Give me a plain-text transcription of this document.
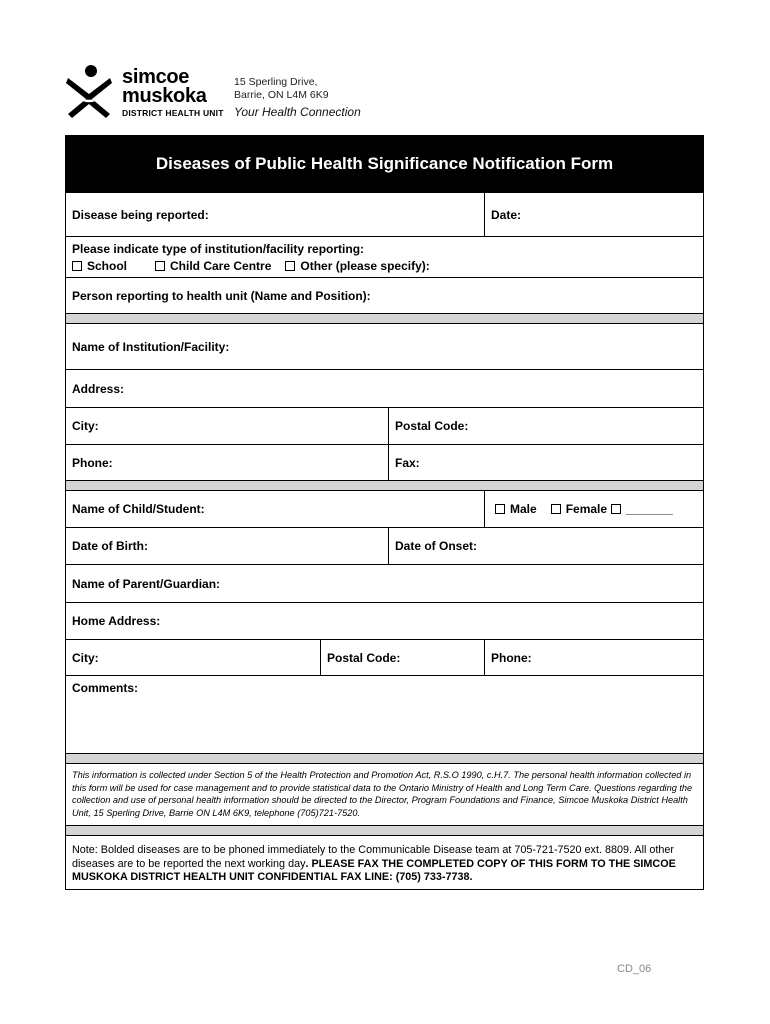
simcoe
muskoka
DISTRICT HEALTH UNIT
15 Sperling Drive,
Barrie, ON L4M 6K9
Your Health Connection
Diseases of Public Health Significance Notification Form
Disease being reported:	Date:
Please indicate type of institution/facility reporting:
School	Child Care Centre Other (please specify):
Person reporting to health unit (Name and Position):
Name of Institution/Facility:
Address:
City:	Postal Code:
Phone:	Fax:
Name of Child/Student:	Male Female _______
Date of Birth:	Date of Onset:
Name of Parent/Guardian:
Home Address:
City:	Postal Code:	Phone:
Comments:
This information is collected under Section 5 of the Health Protection and Promotion Act, R.S.O 1990, c.H.7. The personal health information collected in this form will be used for case management and to provide statistical data to the Ontario Ministry of Health and Long Term Care. Questions regarding the collection and use of personal health information should be directed to the Director, Program Foundations and Finance, Simcoe Muskoka District Health Unit, 15 Sperling Drive, Barrie ON L4M 6K9, telephone (705)721-7520.
Note: Bolded diseases are to be phoned immediately to the Communicable Disease team at 705-721-7520 ext. 8809. All other diseases are to be reported the next working day. PLEASE FAX THE COMPLETED COPY OF THIS FORM TO THE SIMCOE MUSKOKA DISTRICT HEALTH UNIT CONFIDENTIAL FAX LINE: (705) 733-7738.
CD_06
